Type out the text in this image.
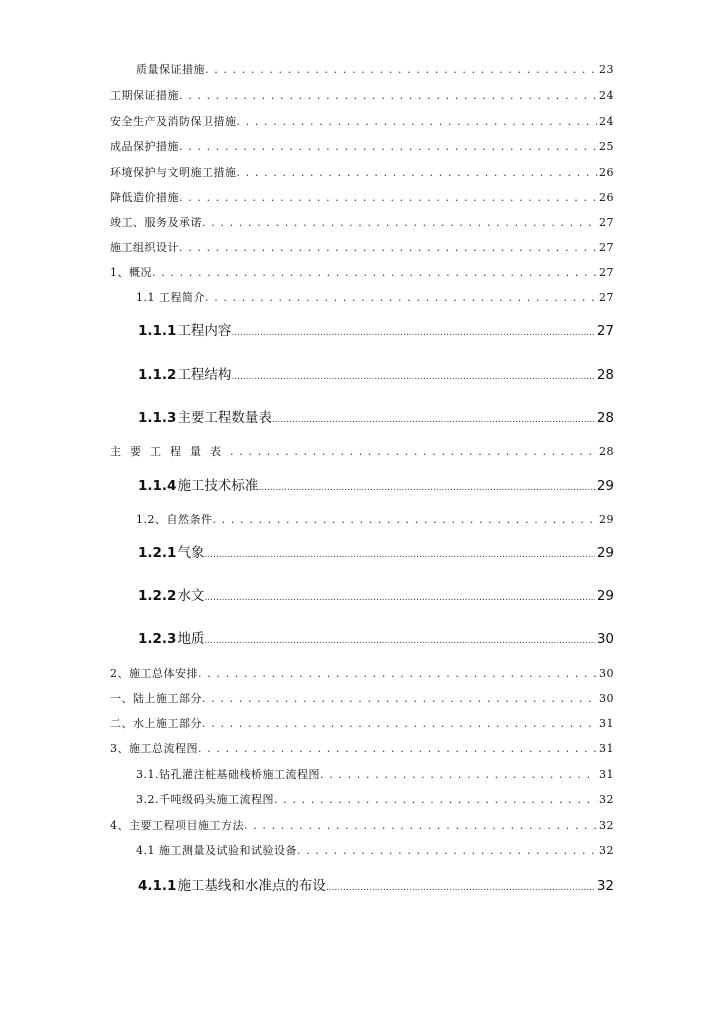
质量保证措施 . . .	23
工期保证措施 . . .	24
安全生产及消防保卫措施 . . .	24
成品保护措施 . . .	25
环境保护与文明施工措施 . . .	26
降低造价措施 . . .	26
竣工、服务及承诺 . . .	27
施工组织设计 . . .	27
1、概况 . . .	27
1.1 工程简介 . . .	27
1.1.1工程内容 .....	27
1.1.2工程结构 .....	28
1.1.3主要工程数量表 .....	28
主要工程量表 . . .	28
1.1.4施工技术标准 .....	29
1.2、自然条件 . . .	29
1.2.1气象 .....	29
1.2.2水文 .....	29
1.2.3地质 .....	30
2、施工总体安排 . . .	30
一、陆上施工部分 . . .	30
二、水上施工部分 . . .	31
3、施工总流程图 . . .	31
3.1.钻孔灌注桩基础栈桥施工流程图 . . .	31
3.2.千吨级码头施工流程图 . . .	32
4、主要工程项目施工方法 . . .	32
4.1 施工测量及试验和试验设备 . . .	32
4.1.1施工基线和水准点的布设 .....	32
